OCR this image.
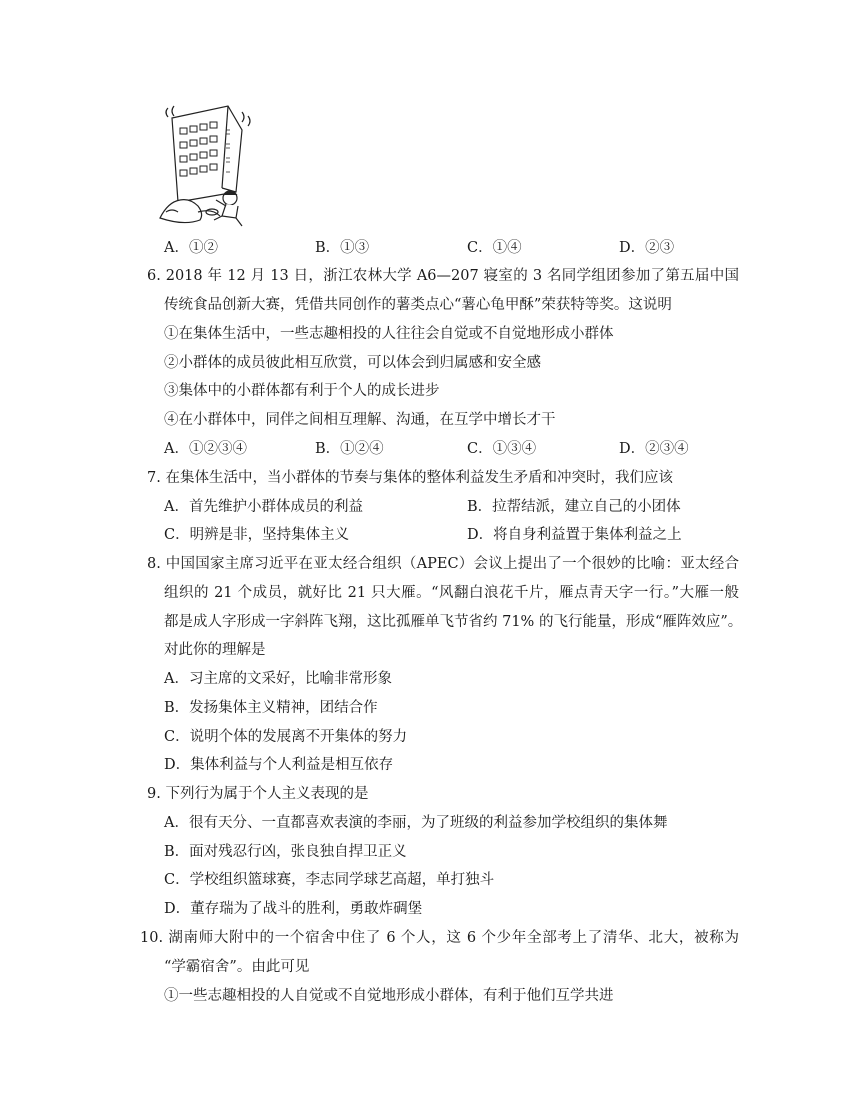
A．①②	B．①③	C．①④	D．②③
6. 2018 年 12 月 13 日，浙江农林大学 A6—207 寝室的 3 名同学组团参加了第五届中国
传统食品创新大赛，凭借共同创作的薯类点心“薯心龟甲酥”荣获特等奖。这说明
①在集体生活中，一些志趣相投的人往往会自觉或不自觉地形成小群体
②小群体的成员彼此相互欣赏，可以体会到归属感和安全感
③集体中的小群体都有利于个人的成长进步
④在小群体中，同伴之间相互理解、沟通，在互学中增长才干
A．①②③④	B．①②④	C．①③④	D．②③④
7. 在集体生活中，当小群体的节奏与集体的整体利益发生矛盾和冲突时，我们应该
A．首先维护小群体成员的利益	B．拉帮结派，建立自己的小团体
C．明辨是非，坚持集体主义	D．将自身利益置于集体利益之上
8. 中国国家主席习近平在亚太经合组织（APEC）会议上提出了一个很妙的比喻：亚太经合
组织的 21 个成员，就好比 21 只大雁。“风翻白浪花千片，雁点青天字一行。”大雁一般
都是成人字形成一字斜阵飞翔，这比孤雁单飞节省约 71% 的飞行能量，形成“雁阵效应”。
对此你的理解是
A．习主席的文采好，比喻非常形象
B．发扬集体主义精神，团结合作
C．说明个体的发展离不开集体的努力
D．集体利益与个人利益是相互依存
9. 下列行为属于个人主义表现的是
A．很有天分、一直都喜欢表演的李丽，为了班级的利益参加学校组织的集体舞
B．面对残忍行凶，张良独自捍卫正义
C．学校组织篮球赛，李志同学球艺高超，单打独斗
D．董存瑞为了战斗的胜利，勇敢炸碉堡
10. 湖南师大附中的一个宿舍中住了 6 个人，这 6 个少年全部考上了清华、北大，被称为
“学霸宿舍”。由此可见
①一些志趣相投的人自觉或不自觉地形成小群体，有利于他们互学共进
